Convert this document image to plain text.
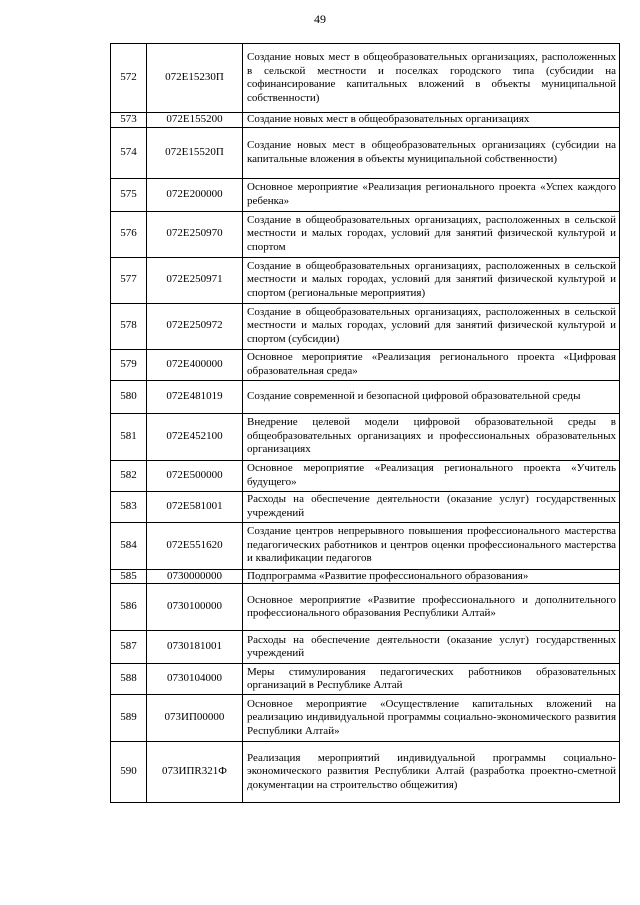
49
572	072E15230П	Создание новых мест в общеобразовательных организациях, расположенных в сельской местности и поселках городского типа (субсидии на софинансирование капитальных вложений в объекты муниципальной собственности)
573	072E155200	Создание новых мест в общеобразовательных организациях
574	072E15520П	Создание новых мест в общеобразовательных организациях (субсидии на капитальные вложения в объекты муниципальной собственности)
575	072E200000	Основное мероприятие «Реализация регионального проекта «Успех каждого ребенка»
576	072E250970	Создание в общеобразовательных организациях, расположенных в сельской местности и малых городах, условий для занятий физической культурой и спортом
577	072E250971	Создание в общеобразовательных организациях, расположенных в сельской местности и малых городах, условий для занятий физической культурой и спортом (региональные мероприятия)
578	072E250972	Создание в общеобразовательных организациях, расположенных в сельской местности и малых городах, условий для занятий физической культурой и спортом (субсидии)
579	072E400000	Основное мероприятие «Реализация регионального проекта «Цифровая образовательная среда»
580	072E481019	Создание современной и безопасной цифровой образовательной среды
581	072E452100	Внедрение целевой модели цифровой образовательной среды в общеобразовательных организациях и профессиональных образовательных организациях
582	072E500000	Основное мероприятие «Реализация регионального проекта «Учитель будущего»
583	072E581001	Расходы на обеспечение деятельности (оказание услуг) государственных учреждений
584	072E551620	Создание центров непрерывного повышения профессионального мастерства педагогических работников и центров оценки профессионального мастерства и квалификации педагогов
585	0730000000	Подпрограмма «Развитие профессионального образования»
586	0730100000	Основное мероприятие «Развитие профессионального и дополнительного профессионального образования Республики Алтай»
587	0730181001	Расходы на обеспечение деятельности (оказание услуг) государственных учреждений
588	0730104000	Меры стимулирования педагогических работников образовательных организаций в Республике Алтай
589	073ИП00000	Основное мероприятие «Осуществление капитальных вложений на реализацию индивидуальной программы социально-экономического развития Республики Алтай»
590	073ИПR321Ф	Реализация мероприятий индивидуальной программы социально-экономического развития Республики Алтай (разработка проектно-сметной документации на строительство общежития)
